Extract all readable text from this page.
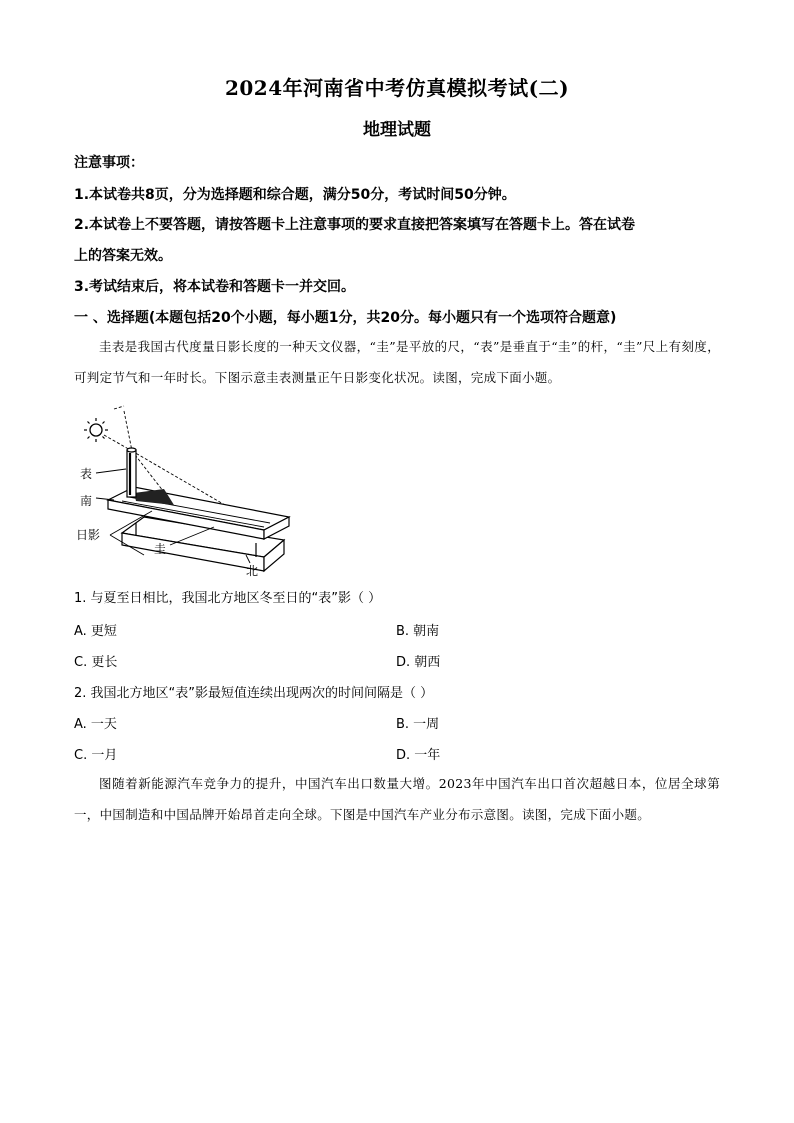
2024年河南省中考仿真模拟考试(二)
地理试题
注意事项：
1.本试卷共8页，分为选择题和综合题，满分50分，考试时间50分钟。
2.本试卷上不要答题，请按答题卡上注意事项的要求直接把答案填写在答题卡上。答在试卷
上的答案无效。
3.考试结束后，将本试卷和答题卡一并交回。
一 、选择题(本题包括20个小题，每小题1分，共20分。每小题只有一个选项符合题意)
圭表是我国古代度量日影长度的一种天文仪器，“圭”是平放的尺，“表”是垂直于“圭”的杆，“圭”尺上有刻度，可判定节气和一年时长。下图示意圭表测量正午日影变化状况。读图，完成下面小题。
表
南
日影
圭
北
1. 与夏至日相比，我国北方地区冬至日的“表”影（ ）
A. 更短	B. 朝南
C. 更长	D. 朝西
2. 我国北方地区“表”影最短值连续出现两次的时间间隔是（ ）
A. 一天	B. 一周
C. 一月	D. 一年
图随着新能源汽车竞争力的提升，中国汽车出口数量大增。2023年中国汽车出口首次超越日本，位居全球第一，中国制造和中国品牌开始昂首走向全球。下图是中国汽车产业分布示意图。读图，完成下面小题。
